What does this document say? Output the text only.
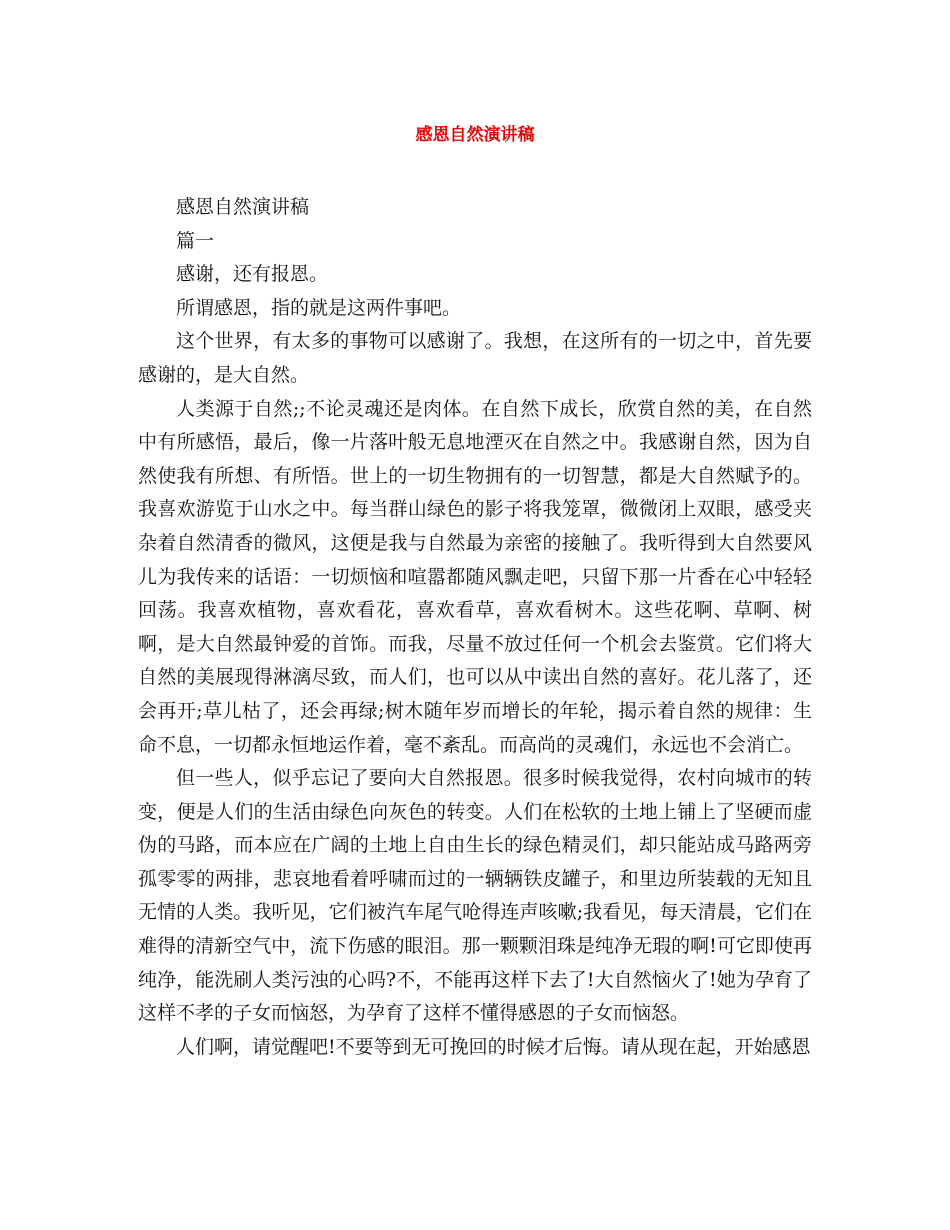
感恩自然演讲稿

感恩自然演讲稿

篇一

感谢，还有报恩。

所谓感恩，指的就是这两件事吧。

这个世界，有太多的事物可以感谢了。我想，在这所有的一切之中，首先要感谢的，是大自然。

人类源于自然;;不论灵魂还是肉体。在自然下成长，欣赏自然的美，在自然中有所感悟，最后，像一片落叶般无息地湮灭在自然之中。我感谢自然，因为自然使我有所想、有所悟。世上的一切生物拥有的一切智慧，都是大自然赋予的。我喜欢游览于山水之中。每当群山绿色的影子将我笼罩，微微闭上双眼，感受夹杂着自然清香的微风，这便是我与自然最为亲密的接触了。我听得到大自然要风儿为我传来的话语：一切烦恼和喧嚣都随风飘走吧，只留下那一片香在心中轻轻回荡。我喜欢植物，喜欢看花，喜欢看草，喜欢看树木。这些花啊、草啊、树啊，是大自然最钟爱的首饰。而我，尽量不放过任何一个机会去鉴赏。它们将大自然的美展现得淋漓尽致，而人们，也可以从中读出自然的喜好。花儿落了，还会再开;草儿枯了，还会再绿;树木随年岁而增长的年轮，揭示着自然的规律：生命不息，一切都永恒地运作着，毫不紊乱。而高尚的灵魂们，永远也不会消亡。

但一些人，似乎忘记了要向大自然报恩。很多时候我觉得，农村向城市的转变，便是人们的生活由绿色向灰色的转变。人们在松软的土地上铺上了坚硬而虚伪的马路，而本应在广阔的土地上自由生长的绿色精灵们，却只能站成马路两旁孤零零的两排，悲哀地看着呼啸而过的一辆辆铁皮罐子，和里边所装载的无知且无情的人类。我听见，它们被汽车尾气呛得连声咳嗽;我看见，每天清晨，它们在难得的清新空气中，流下伤感的眼泪。那一颗颗泪珠是纯净无瑕的啊!可它即使再纯净，能洗刷人类污浊的心吗?不，不能再这样下去了!大自然恼火了!她为孕育了这样不孝的子女而恼怒，为孕育了这样不懂得感恩的子女而恼怒。

人们啊，请觉醒吧!不要等到无可挽回的时候才后悔。请从现在起，开始感恩
